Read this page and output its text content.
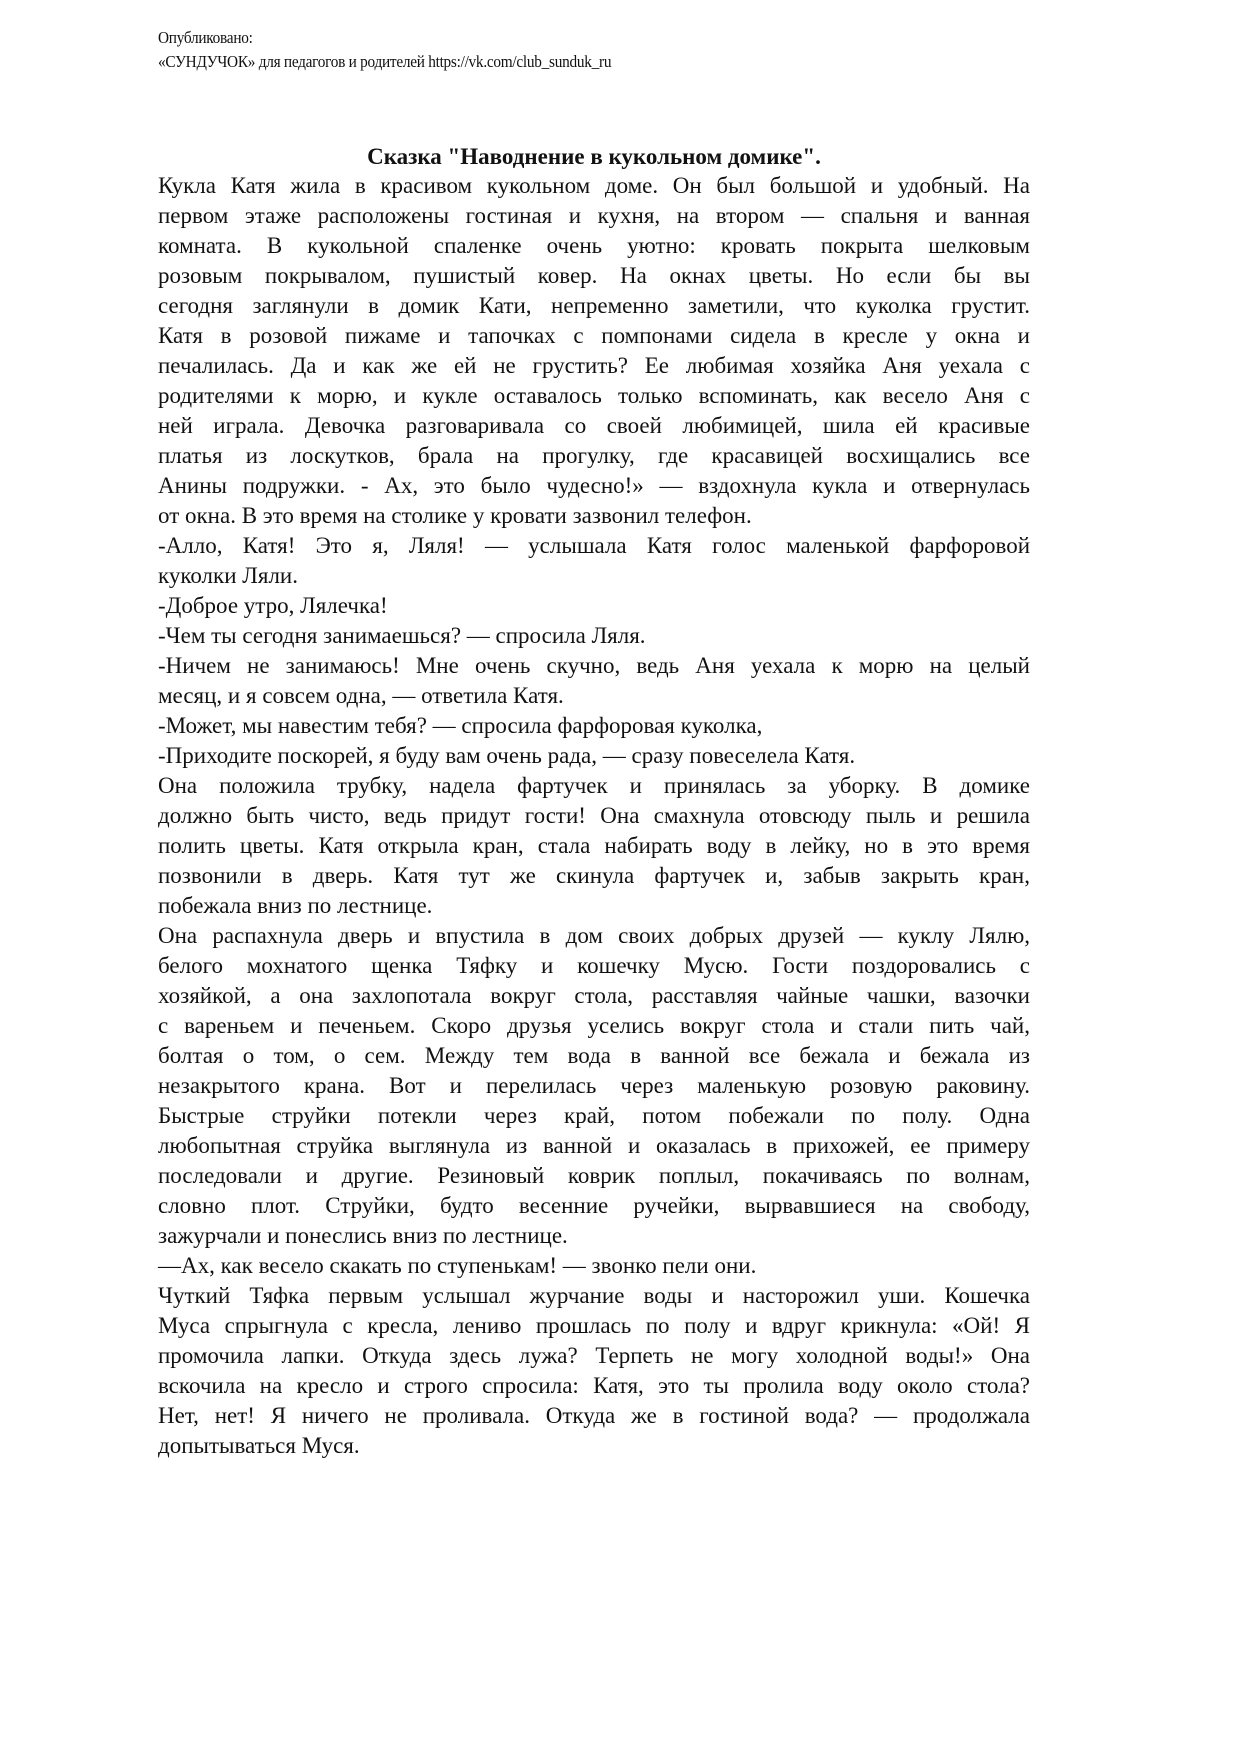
Опубликовано:
«СУНДУЧОК» для педагогов и родителей https://vk.com/club_sunduk_ru
Сказка "Наводнение в кукольном домике".
Кукла Катя жила в красивом кукольном доме. Он был большой и удобный. На
первом этаже расположены гостиная и кухня, на втором — спальня и ванная
комната. В кукольной спаленке очень уютно: кровать покрыта шелковым
розовым покрывалом, пушистый ковер. На окнах цветы. Но если бы вы
сегодня заглянули в домик Кати, непременно заметили, что куколка грустит.
Катя в розовой пижаме и тапочках с помпонами сидела в кресле у окна и
печалилась. Да и как же ей не грустить? Ее любимая хозяйка Аня уехала с
родителями к морю, и кукле оставалось только вспоминать, как весело Аня с
ней играла. Девочка разговаривала со своей любимицей, шила ей красивые
платья из лоскутков, брала на прогулку, где красавицей восхищались все
Анины подружки. - Ах, это было чудесно!» — вздохнула кукла и отвернулась
от окна. В это время на столике у кровати зазвонил телефон.
-Алло, Катя! Это я, Ляля! — услышала Катя голос маленькой фарфоровой
куколки Ляли.
-Доброе утро, Лялечка!
-Чем ты сегодня занимаешься? — спросила Ляля.
-Ничем не занимаюсь! Мне очень скучно, ведь Аня уехала к морю на целый
месяц, и я совсем одна, — ответила Катя.
-Может, мы навестим тебя? — спросила фарфоровая куколка,
-Приходите поскорей, я буду вам очень рада, — сразу повеселела Катя.
Она положила трубку, надела фартучек и принялась за уборку. В домике
должно быть чисто, ведь придут гости! Она смахнула отовсюду пыль и решила
полить цветы. Катя открыла кран, стала набирать воду в лейку, но в это время
позвонили в дверь. Катя тут же скинула фартучек и, забыв закрыть кран,
побежала вниз по лестнице.
Она распахнула дверь и впустила в дом своих добрых друзей — куклу Лялю,
белого мохнатого щенка Тяфку и кошечку Мусю. Гости поздоровались с
хозяйкой, а она захлопотала вокруг стола, расставляя чайные чашки, вазочки
с вареньем и печеньем. Скоро друзья уселись вокруг стола и стали пить чай,
болтая о том, о сем. Между тем вода в ванной все бежала и бежала из
незакрытого крана. Вот и перелилась через маленькую розовую раковину.
Быстрые струйки потекли через край, потом побежали по полу. Одна
любопытная струйка выглянула из ванной и оказалась в прихожей, ее примеру
последовали и другие. Резиновый коврик поплыл, покачиваясь по волнам,
словно плот. Струйки, будто весенние ручейки, вырвавшиеся на свободу,
зажурчали и понеслись вниз по лестнице.
—Ах, как весело скакать по ступенькам! — звонко пели они.
Чуткий Тяфка первым услышал журчание воды и насторожил уши. Кошечка
Муса спрыгнула с кресла, лениво прошлась по полу и вдруг крикнула: «Ой! Я
промочила лапки. Откуда здесь лужа? Терпеть не могу холодной воды!» Она
вскочила на кресло и строго спросила: Катя, это ты пролила воду около стола?
Нет, нет! Я ничего не проливала. Откуда же в гостиной вода? — продолжала
допытываться Муся.
